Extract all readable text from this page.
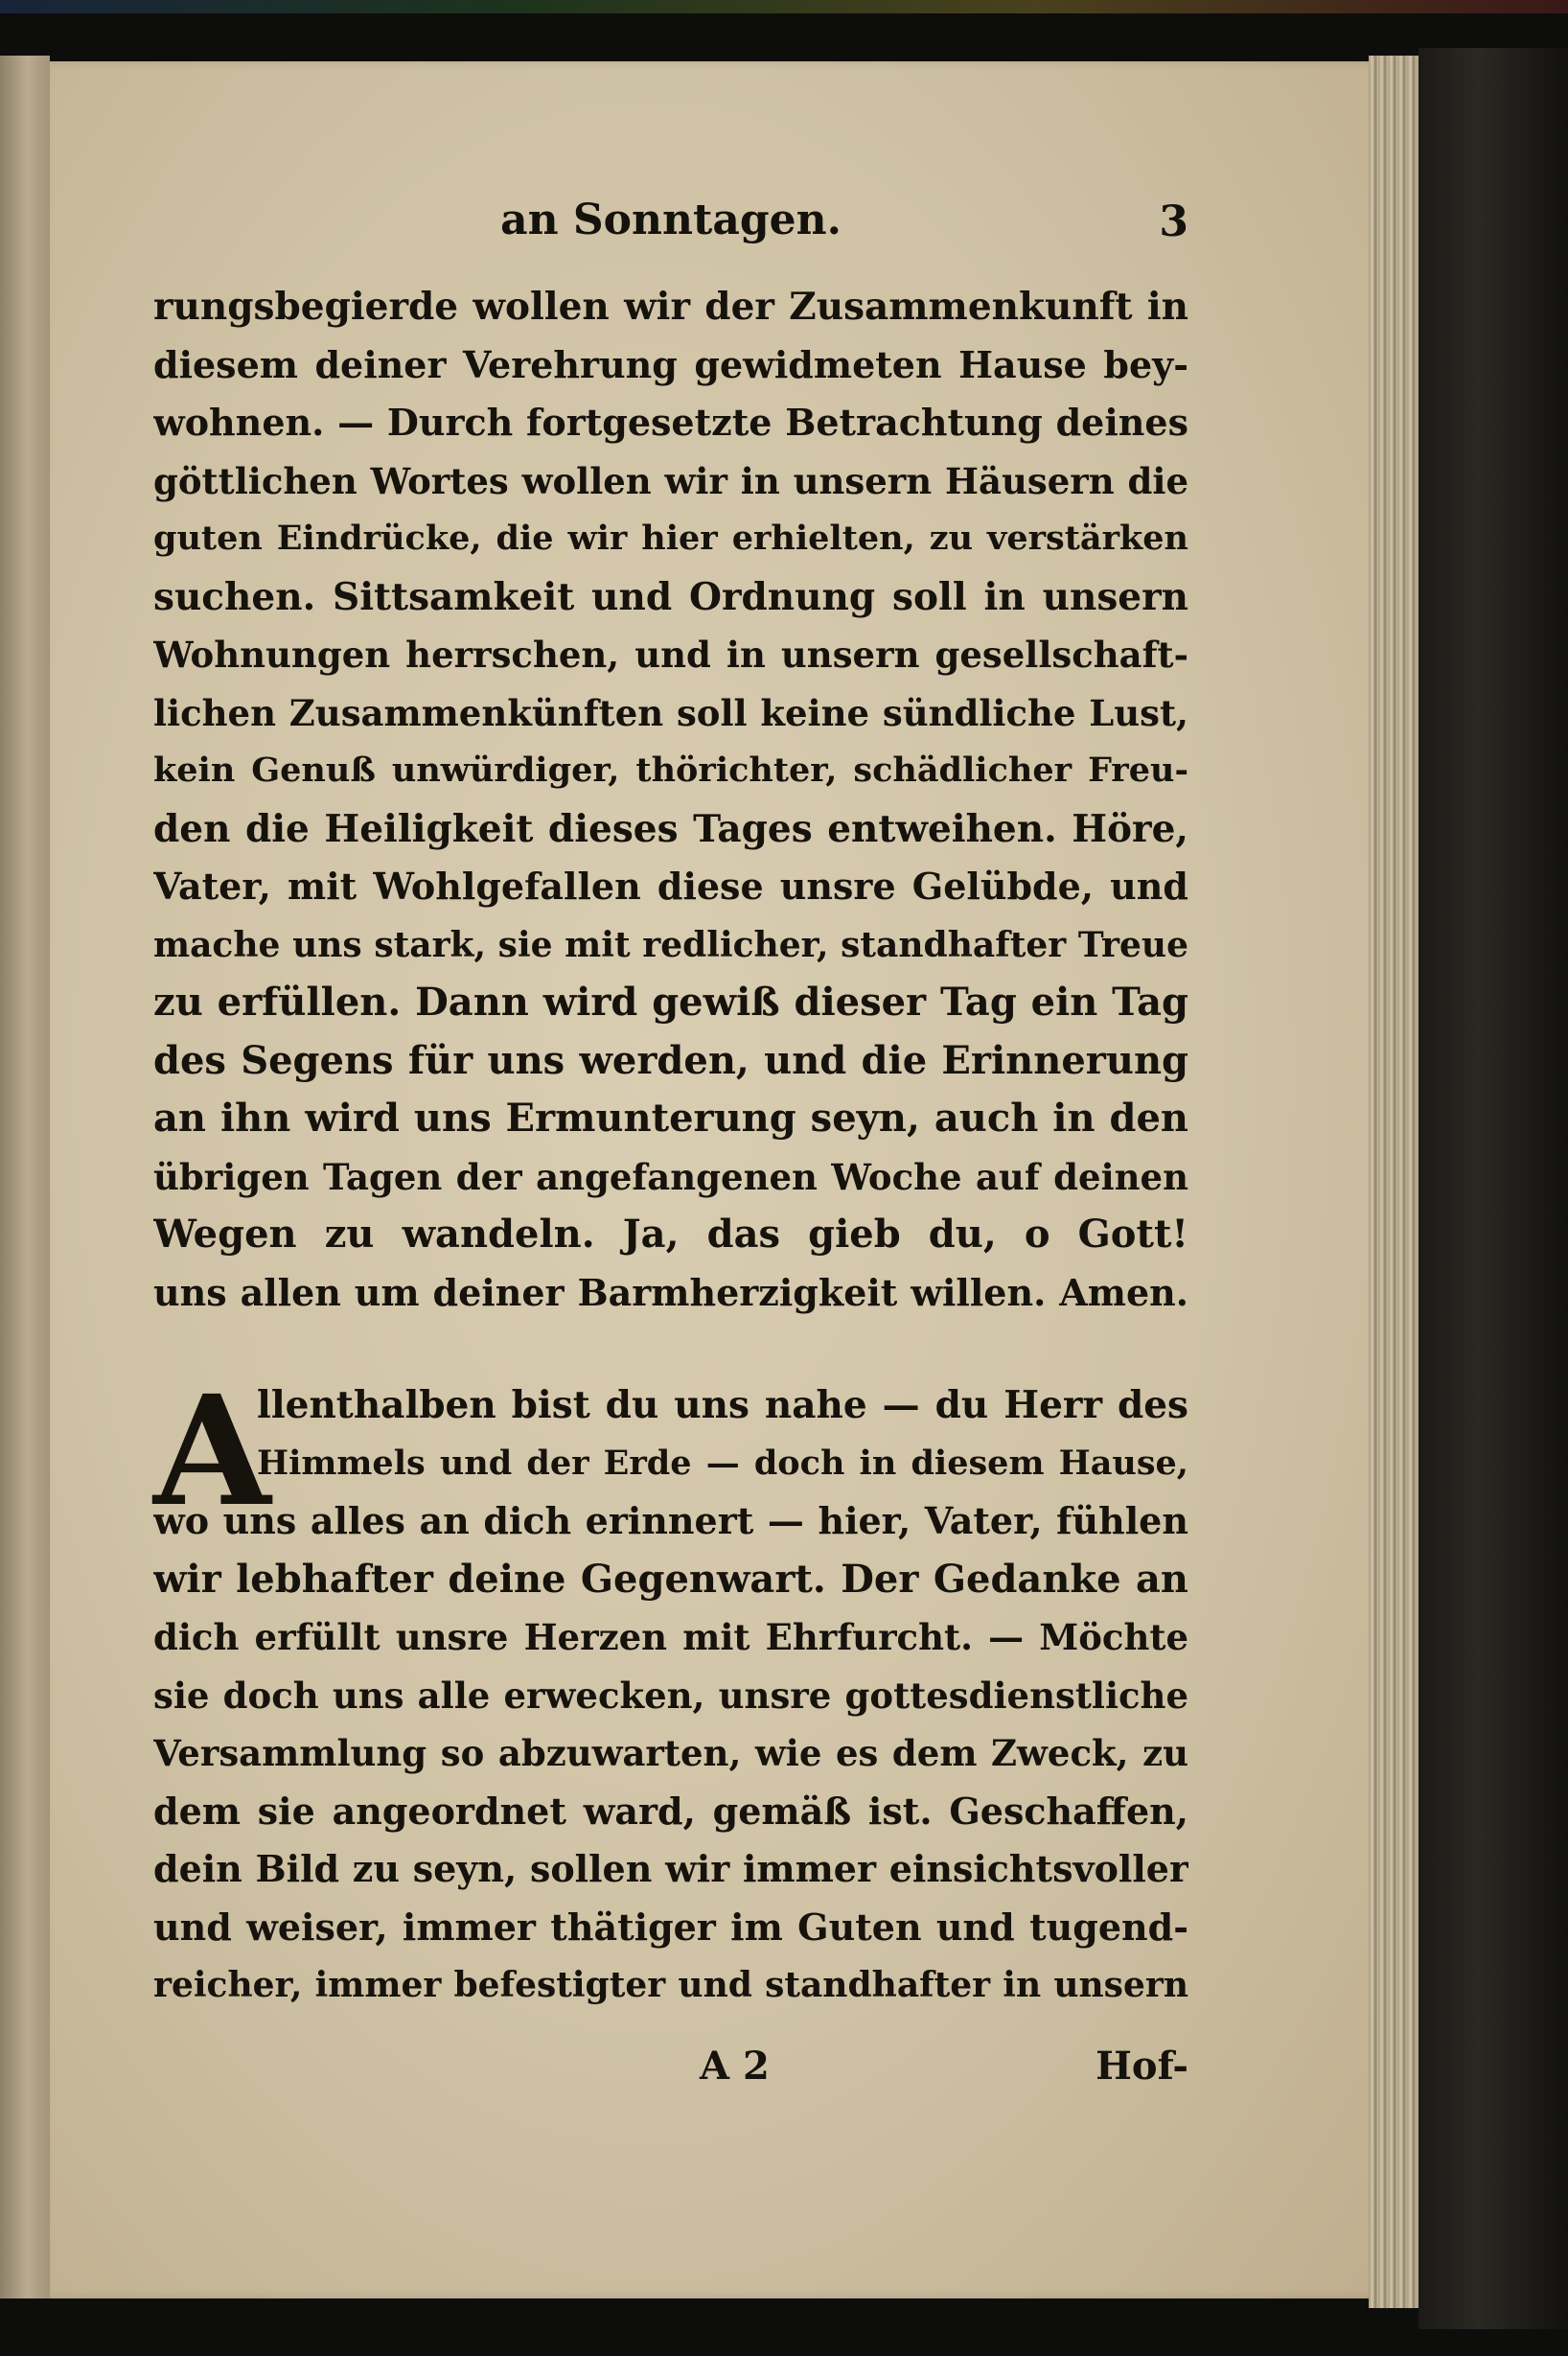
an Sonntagen.	3
rungsbegierde wollen wir der Zusammenkunft in
diesem deiner Verehrung gewidmeten Hause bey-
wohnen. — Durch fortgesetzte Betrachtung deines
göttlichen Wortes wollen wir in unsern Häusern die
guten Eindrücke, die wir hier erhielten, zu verstärken
suchen. Sittsamkeit und Ordnung soll in unsern
Wohnungen herrschen, und in unsern gesellschaft-
lichen Zusammenkünften soll keine sündliche Lust,
kein Genuß unwürdiger, thörichter, schädlicher Freu-
den die Heiligkeit dieses Tages entweihen. Höre,
Vater, mit Wohlgefallen diese unsre Gelübde, und
mache uns stark, sie mit redlicher, standhafter Treue
zu erfüllen. Dann wird gewiß dieser Tag ein Tag
des Segens für uns werden, und die Erinnerung
an ihn wird uns Ermunterung seyn, auch in den
übrigen Tagen der angefangenen Woche auf deinen
Wegen zu wandeln. Ja, das gieb du, o Gott!
uns allen um deiner Barmherzigkeit willen. Amen.
A
llenthalben bist du uns nahe — du Herr des
Himmels und der Erde — doch in diesem Hause,
wo uns alles an dich erinnert — hier, Vater, fühlen
wir lebhafter deine Gegenwart. Der Gedanke an
dich erfüllt unsre Herzen mit Ehrfurcht. — Möchte
sie doch uns alle erwecken, unsre gottesdienstliche
Versammlung so abzuwarten, wie es dem Zweck, zu
dem sie angeordnet ward, gemäß ist. Geschaffen,
dein Bild zu seyn, sollen wir immer einsichtsvoller
und weiser, immer thätiger im Guten und tugend-
reicher, immer befestigter und standhafter in unsern
A 2	Hof-
